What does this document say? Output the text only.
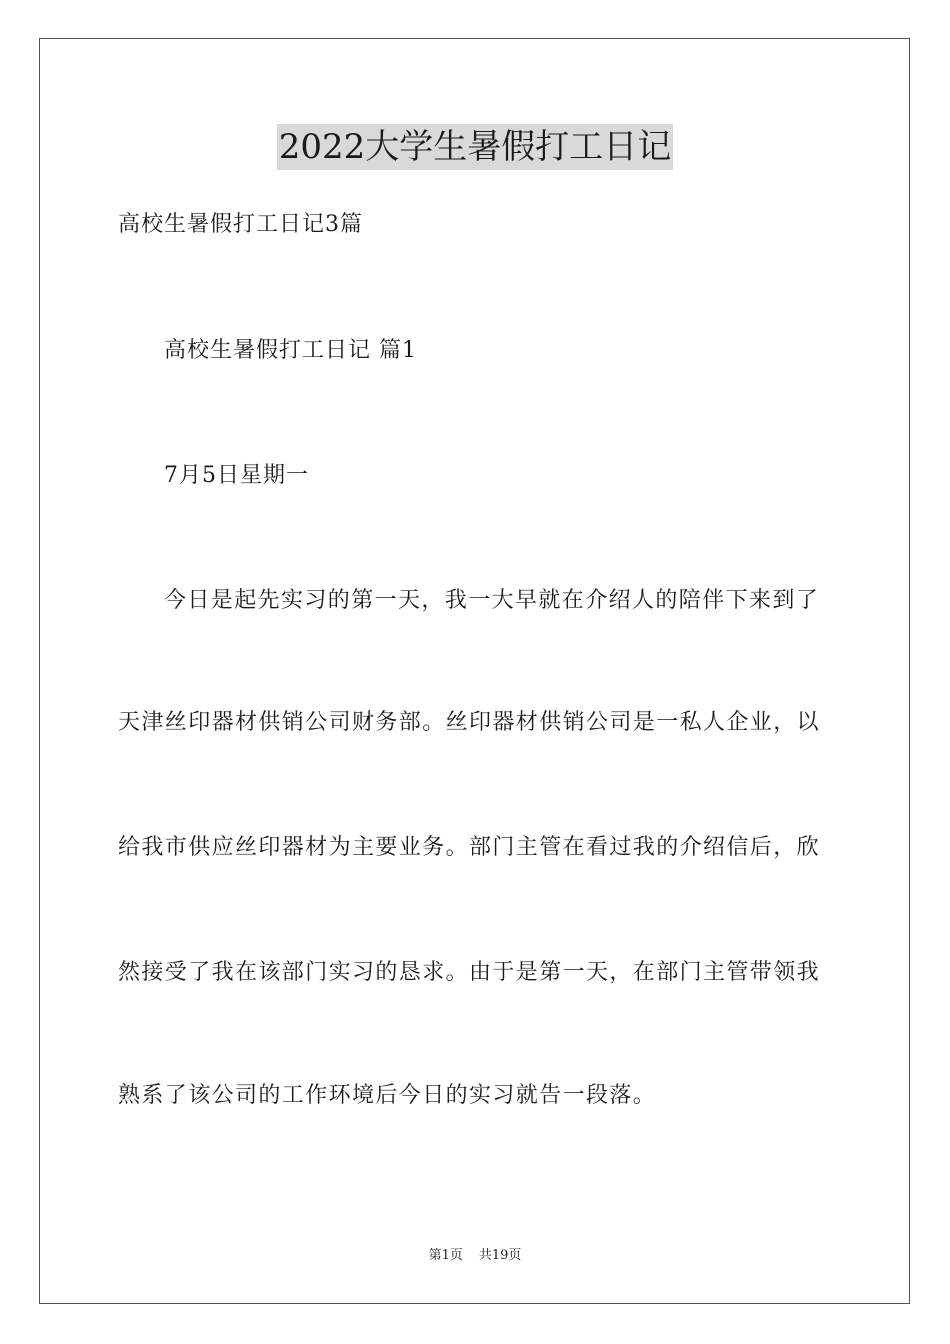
2022大学生暑假打工日记

高校生暑假打工日记3篇

高校生暑假打工日记 篇1

7月5日星期一

今日是起先实习的第一天，我一大早就在介绍人的陪伴下来到了

天津丝印器材供销公司财务部。丝印器材供销公司是一私人企业，以

给我市供应丝印器材为主要业务。部门主管在看过我的介绍信后，欣

然接受了我在该部门实习的恳求。由于是第一天，在部门主管带领我

熟系了该公司的工作环境后今日的实习就告一段落。

第1页 共19页
